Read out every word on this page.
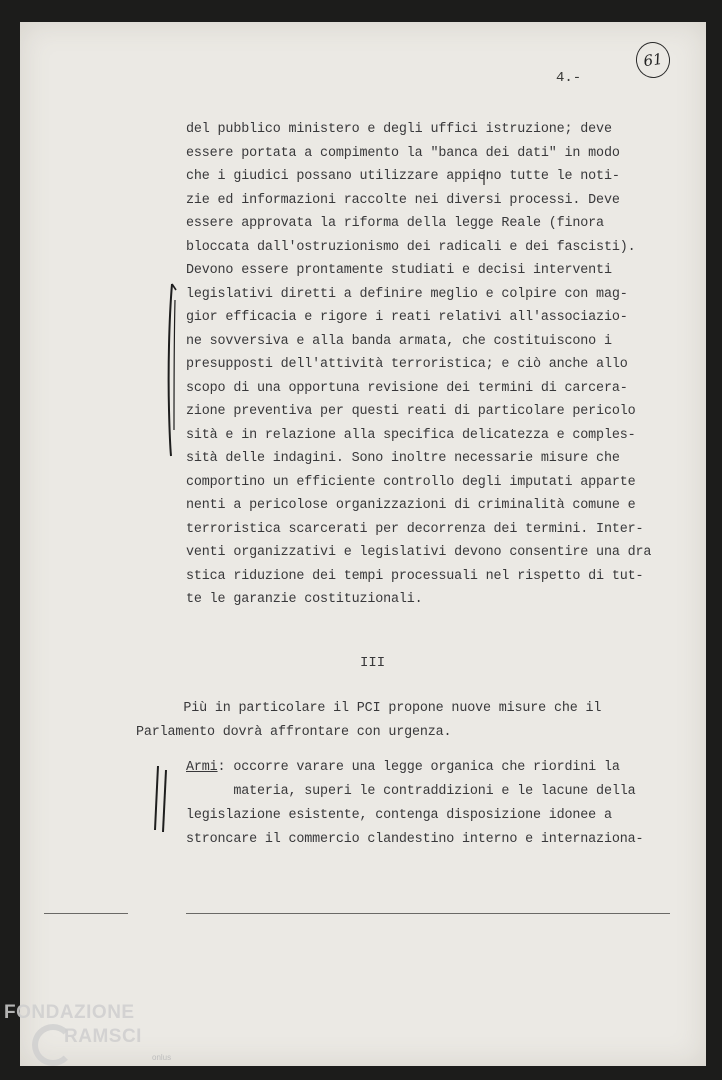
4.-
61
del pubblico ministero e degli uffici istruzione; deve
essere portata a compimento la "banca dei dati" in modo
che i giudici possano utilizzare appieno tutte le noti-
zie ed informazioni raccolte nei diversi processi. Deve
essere approvata la riforma della legge Reale (finora
bloccata dall'ostruzionismo dei radicali e dei fascisti).
Devono essere prontamente studiati e decisi interventi
legislativi diretti a definire meglio e colpire con mag-
gior efficacia e rigore i reati relativi all'associazio-
ne sovversiva e alla banda armata, che costituiscono i
presupposti dell'attività terroristica; e ciò anche allo
scopo di una opportuna revisione dei termini di carcera-
zione preventiva per questi reati di particolare pericolo
sità e in relazione alla specifica delicatezza e comples-
sità delle indagini. Sono inoltre necessarie misure che
comportino un efficiente controllo degli imputati apparte
nenti a pericolose organizzazioni di criminalità comune e
terroristica scarcerati per decorrenza dei termini. Inter-
venti organizzativi e legislativi devono consentire una dra
stica riduzione dei tempi processuali nel rispetto di tut-
te le garanzie costituzionali.
III
Più in particolare il PCI propone nuove misure che il
Parlamento dovrà affrontare con urgenza.
Armi: occorre varare una legge organica che riordini la
materia, superi le contraddizioni e le lacune della
legislazione esistente, contenga disposizione idonee a
stroncare il commercio clandestino interno e internaziona-
FONDAZIONE
RAMSCI
onlus
